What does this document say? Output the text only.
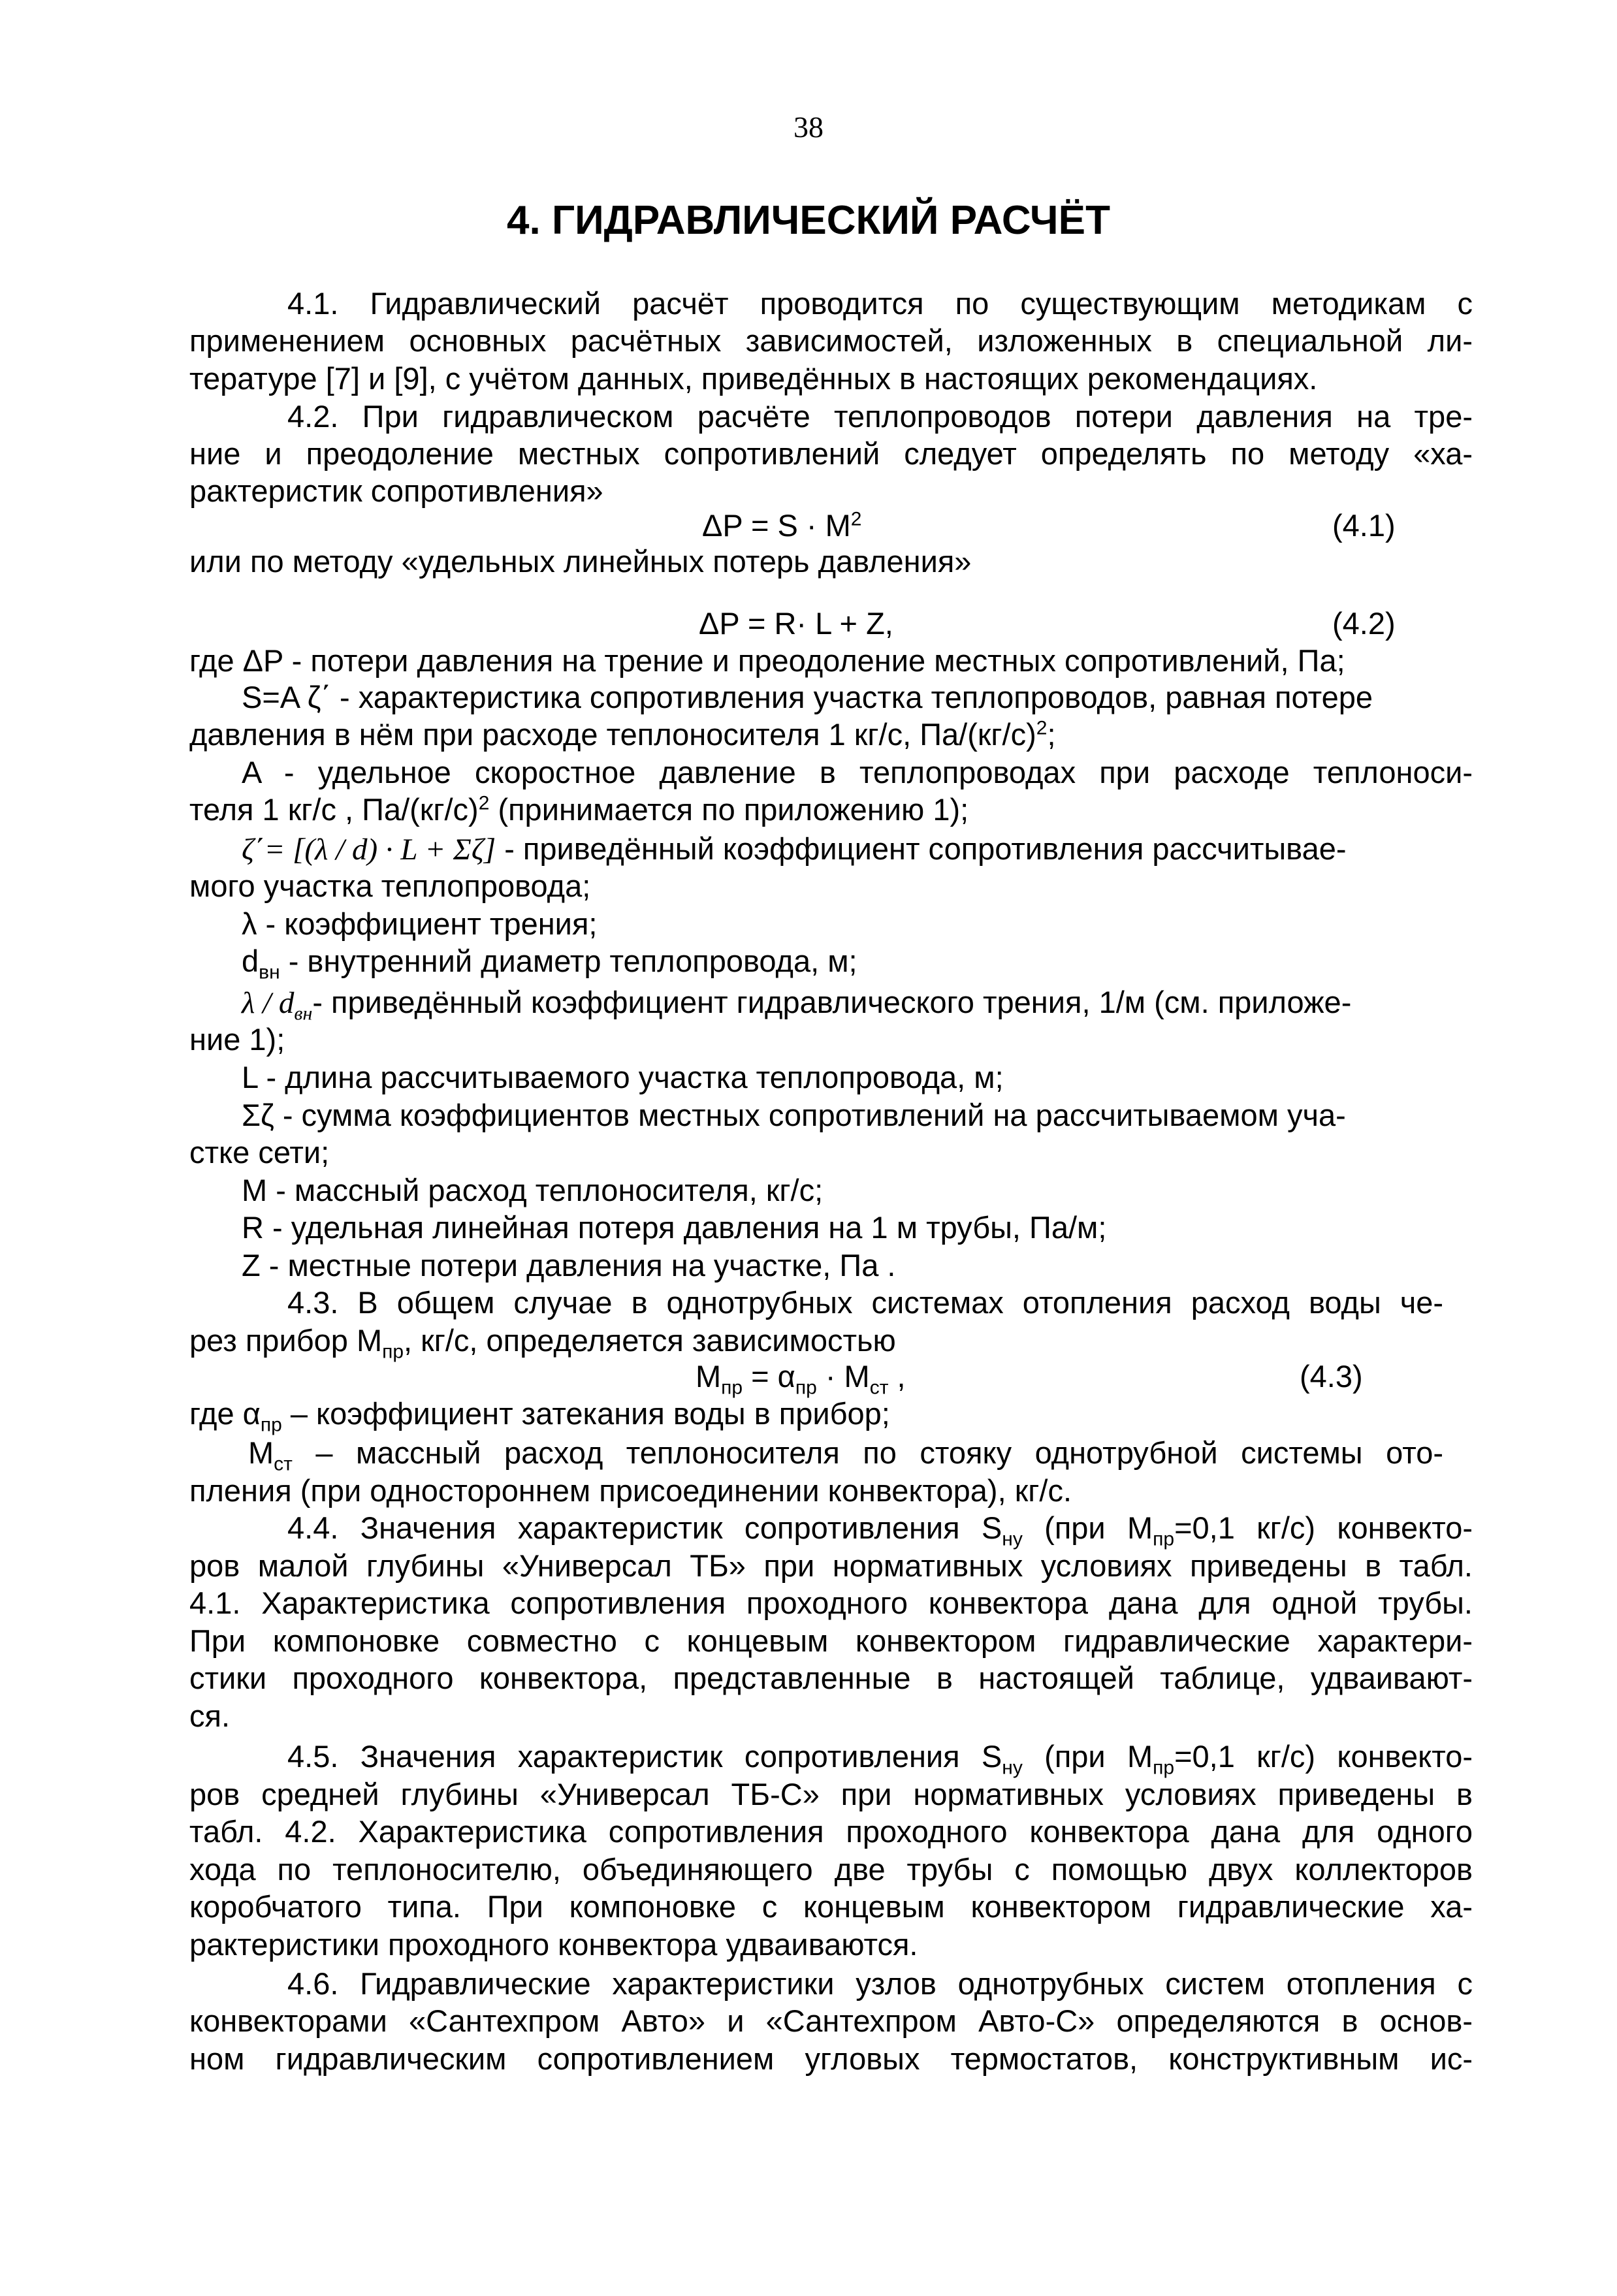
38
4. ГИДРАВЛИЧЕСКИЙ РАСЧЁТ
4.1. Гидравлический расчёт проводится по существующим методикам с
применением основных расчётных зависимостей, изложенных в специальной ли-
тературе [7] и [9], с учётом данных, приведённых в настоящих рекомендациях.
4.2. При гидравлическом расчёте теплопроводов потери давления на тре-
ние и преодоление местных сопротивлений следует определять по методу «ха-
рактеристик сопротивления»
$\Delta P = S \cdot M^2$	(4.1)
или по методу «удельных линейных потерь давления»
ΔP = R· L + Z,	(4.2)
где ΔP - потери давления на трение и преодоление местных сопротивлений, Па;
S=A ζ΄ - характеристика сопротивления участка теплопроводов, равная потере
давления в нём при расходе теплоносителя 1 кг/с, $Па/(кг/с)^2$;
A - удельное скоростное давление в теплопроводах при расходе теплоноси-
теля 1 кг/с , $Па/(кг/с)^2$ (принимается по приложению 1);
ζ΄= [(λ / d) · L + Σζ] - приведённый коэффициент сопротивления рассчитывае-
мого участка теплопровода;
λ - коэффициент трения;
$d_{вн}$ - внутренний диаметр теплопровода, м;
λ / $d_{вн}-$ приведённый коэффициент гидравлического трения, 1/м (см. приложе-
ние 1);
L - длина рассчитываемого участка теплопровода, м;
Σζ - сумма коэффициентов местных сопротивлений на рассчитываемом уча-
стке сети;
M - массный расход теплоносителя, кг/с;
R - удельная линейная потеря давления на 1 м трубы, Па/м;
Z - местные потери давления на участке, Па .
4.3. В общем случае в однотрубных системах отопления расход воды че-
рез прибор $M_{пр}$, кг/с, определяется зависимостью
$M_{пр} = \alpha_{пр} \cdot M_{ст}$ ,	(4.3)
где $\alpha_{пр}$ – коэффициент затекания воды в прибор;
$M_{ст}$ – массный расход теплоносителя по стояку однотрубной системы ото-
пления (при одностороннем присоединении конвектора), кг/с.
4.4. Значения характеристик сопротивления $S_{ну}$ (при $M_{пр}=0,1$ кг/с) конвекто-
ров малой глубины «Универсал ТБ» при нормативных условиях приведены в табл.
4.1. Характеристика сопротивления проходного конвектора дана для одной трубы.
При компоновке совместно с концевым конвектором гидравлические характери-
стики проходного конвектора, представленные в настоящей таблице, удваивают-
ся.
4.5. Значения характеристик сопротивления $S_{ну}$ (при $M_{пр}=0,1$ кг/с) конвекто-
ров средней глубины «Универсал ТБ-С» при нормативных условиях приведены в
табл. 4.2. Характеристика сопротивления проходного конвектора дана для одного
хода по теплоносителю, объединяющего две трубы с помощью двух коллекторов
коробчатого типа. При компоновке с концевым конвектором гидравлические ха-
рактеристики проходного конвектора удваиваются.
4.6. Гидравлические характеристики узлов однотрубных систем отопления с
конвекторами «Сантехпром Авто» и «Сантехпром Авто-С» определяются в основ-
ном гидравлическим сопротивлением угловых термостатов, конструктивным ис-
